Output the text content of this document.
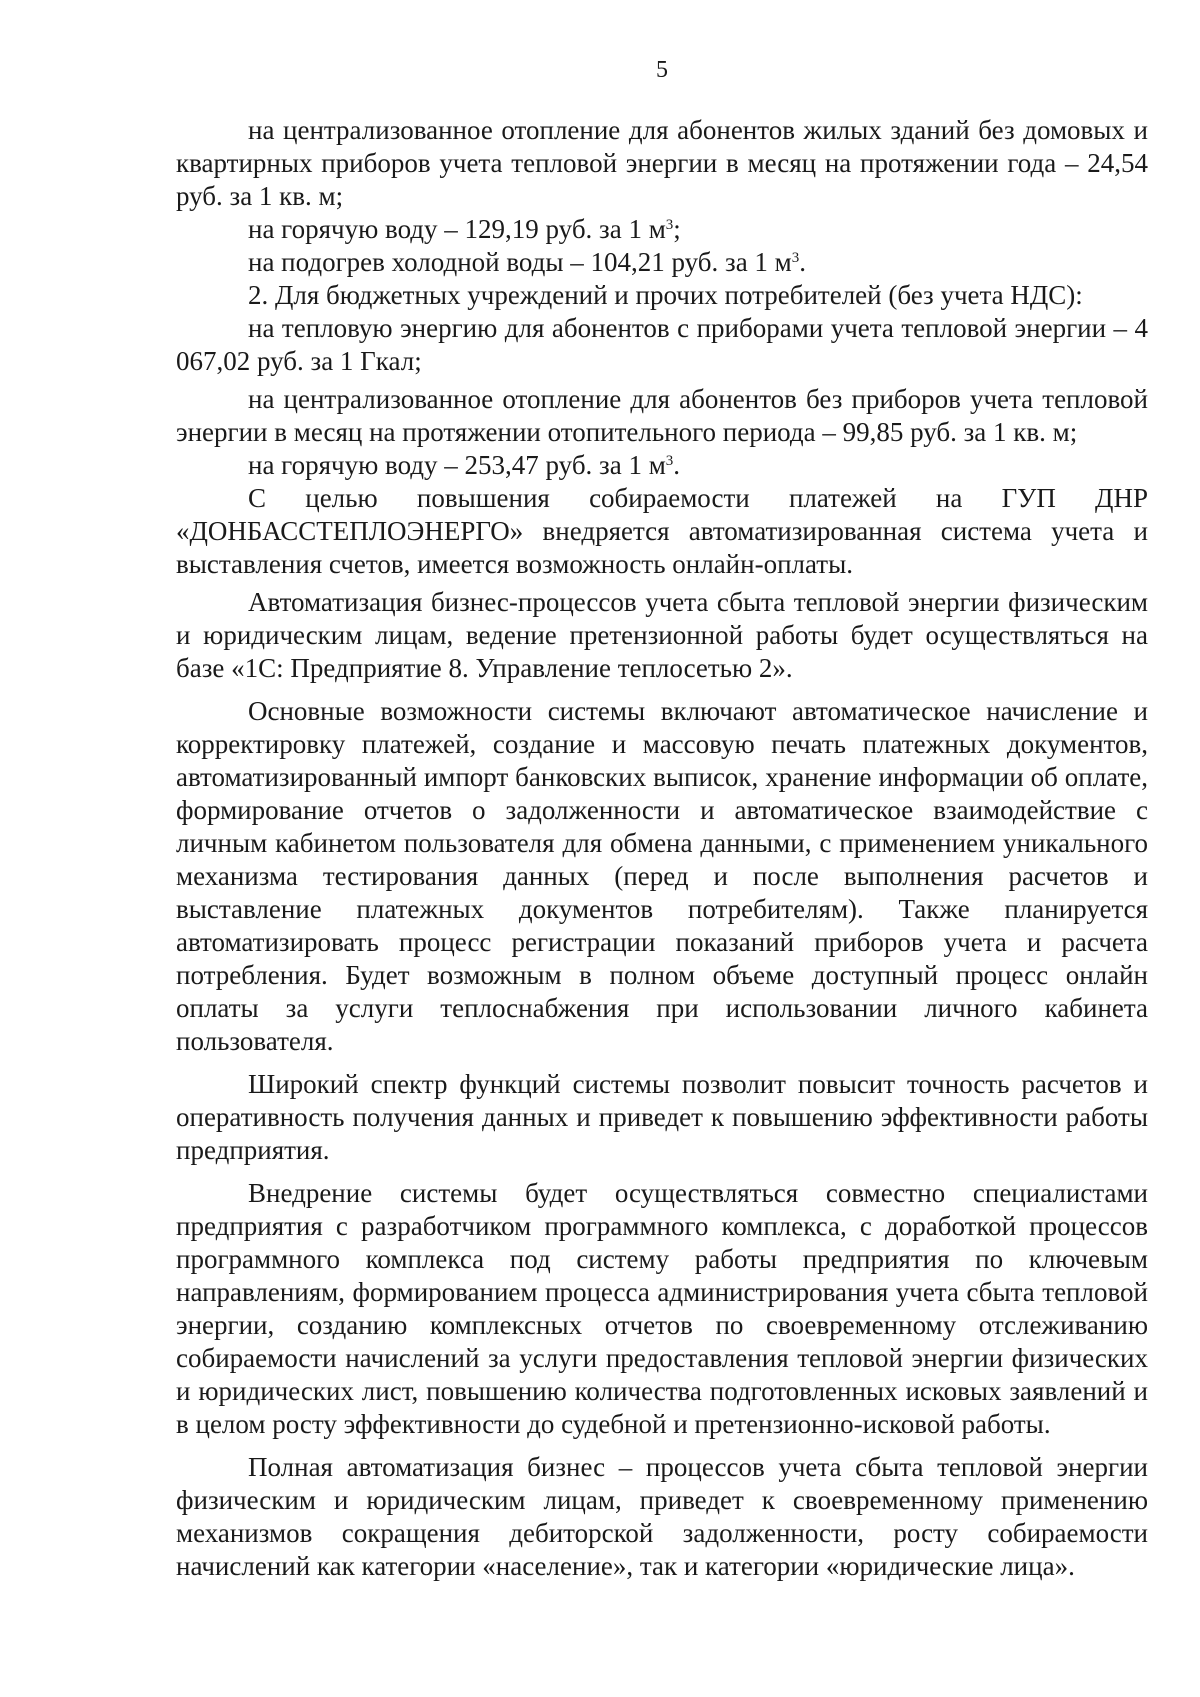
5

на централизованное отопление для абонентов жилых зданий без домовых и квартирных приборов учета тепловой энергии в месяц на протяжении года – 24,54 руб. за 1 кв. м;

на горячую воду – 129,19 руб. за 1 $м^3$;

на подогрев холодной воды – 104,21 руб. за 1 $м^3$.

2. Для бюджетных учреждений и прочих потребителей (без учета НДС):

на тепловую энергию для абонентов с приборами учета тепловой энергии – 4 067,02 руб. за 1 Гкал;

на централизованное отопление для абонентов без приборов учета тепловой энергии в месяц на протяжении отопительного периода – 99,85 руб. за 1 кв. м;

на горячую воду – 253,47 руб. за 1 $м^3$.

С целью повышения собираемости платежей на ГУП ДНР «ДОНБАССТЕПЛОЭНЕРГО» внедряется автоматизированная система учета и выставления счетов, имеется возможность онлайн-оплаты.

Автоматизация бизнес-процессов учета сбыта тепловой энергии физическим и юридическим лицам, ведение претензионной работы будет осуществляться на базе «1С: Предприятие 8. Управление теплосетью 2».

Основные возможности системы включают автоматическое начисление и корректировку платежей, создание и массовую печать платежных документов, автоматизированный импорт банковских выписок, хранение информации об оплате, формирование отчетов о задолженности и автоматическое взаимодействие с личным кабинетом пользователя для обмена данными, с применением уникального механизма тестирования данных (перед и после выполнения расчетов и выставление платежных документов потребителям). Также планируется автоматизировать процесс регистрации показаний приборов учета и расчета потребления. Будет возможным в полном объеме доступный процесс онлайн оплаты за услуги теплоснабжения при использовании личного кабинета пользователя.

Широкий спектр функций системы позволит повысит точность расчетов и оперативность получения данных и приведет к повышению эффективности работы предприятия.

Внедрение системы будет осуществляться совместно специалистами предприятия с разработчиком программного комплекса, с доработкой процессов программного комплекса под систему работы предприятия по ключевым направлениям, формированием процесса администрирования учета сбыта тепловой энергии, созданию комплексных отчетов по своевременному отслеживанию собираемости начислений за услуги предоставления тепловой энергии физических и юридических лист, повышению количества подготовленных исковых заявлений и в целом росту эффективности до судебной и претензионно-исковой работы.

Полная автоматизация бизнес – процессов учета сбыта тепловой энергии физическим и юридическим лицам, приведет к своевременному применению механизмов сокращения дебиторской задолженности, росту собираемости начислений как категории «население», так и категории «юридические лица».
